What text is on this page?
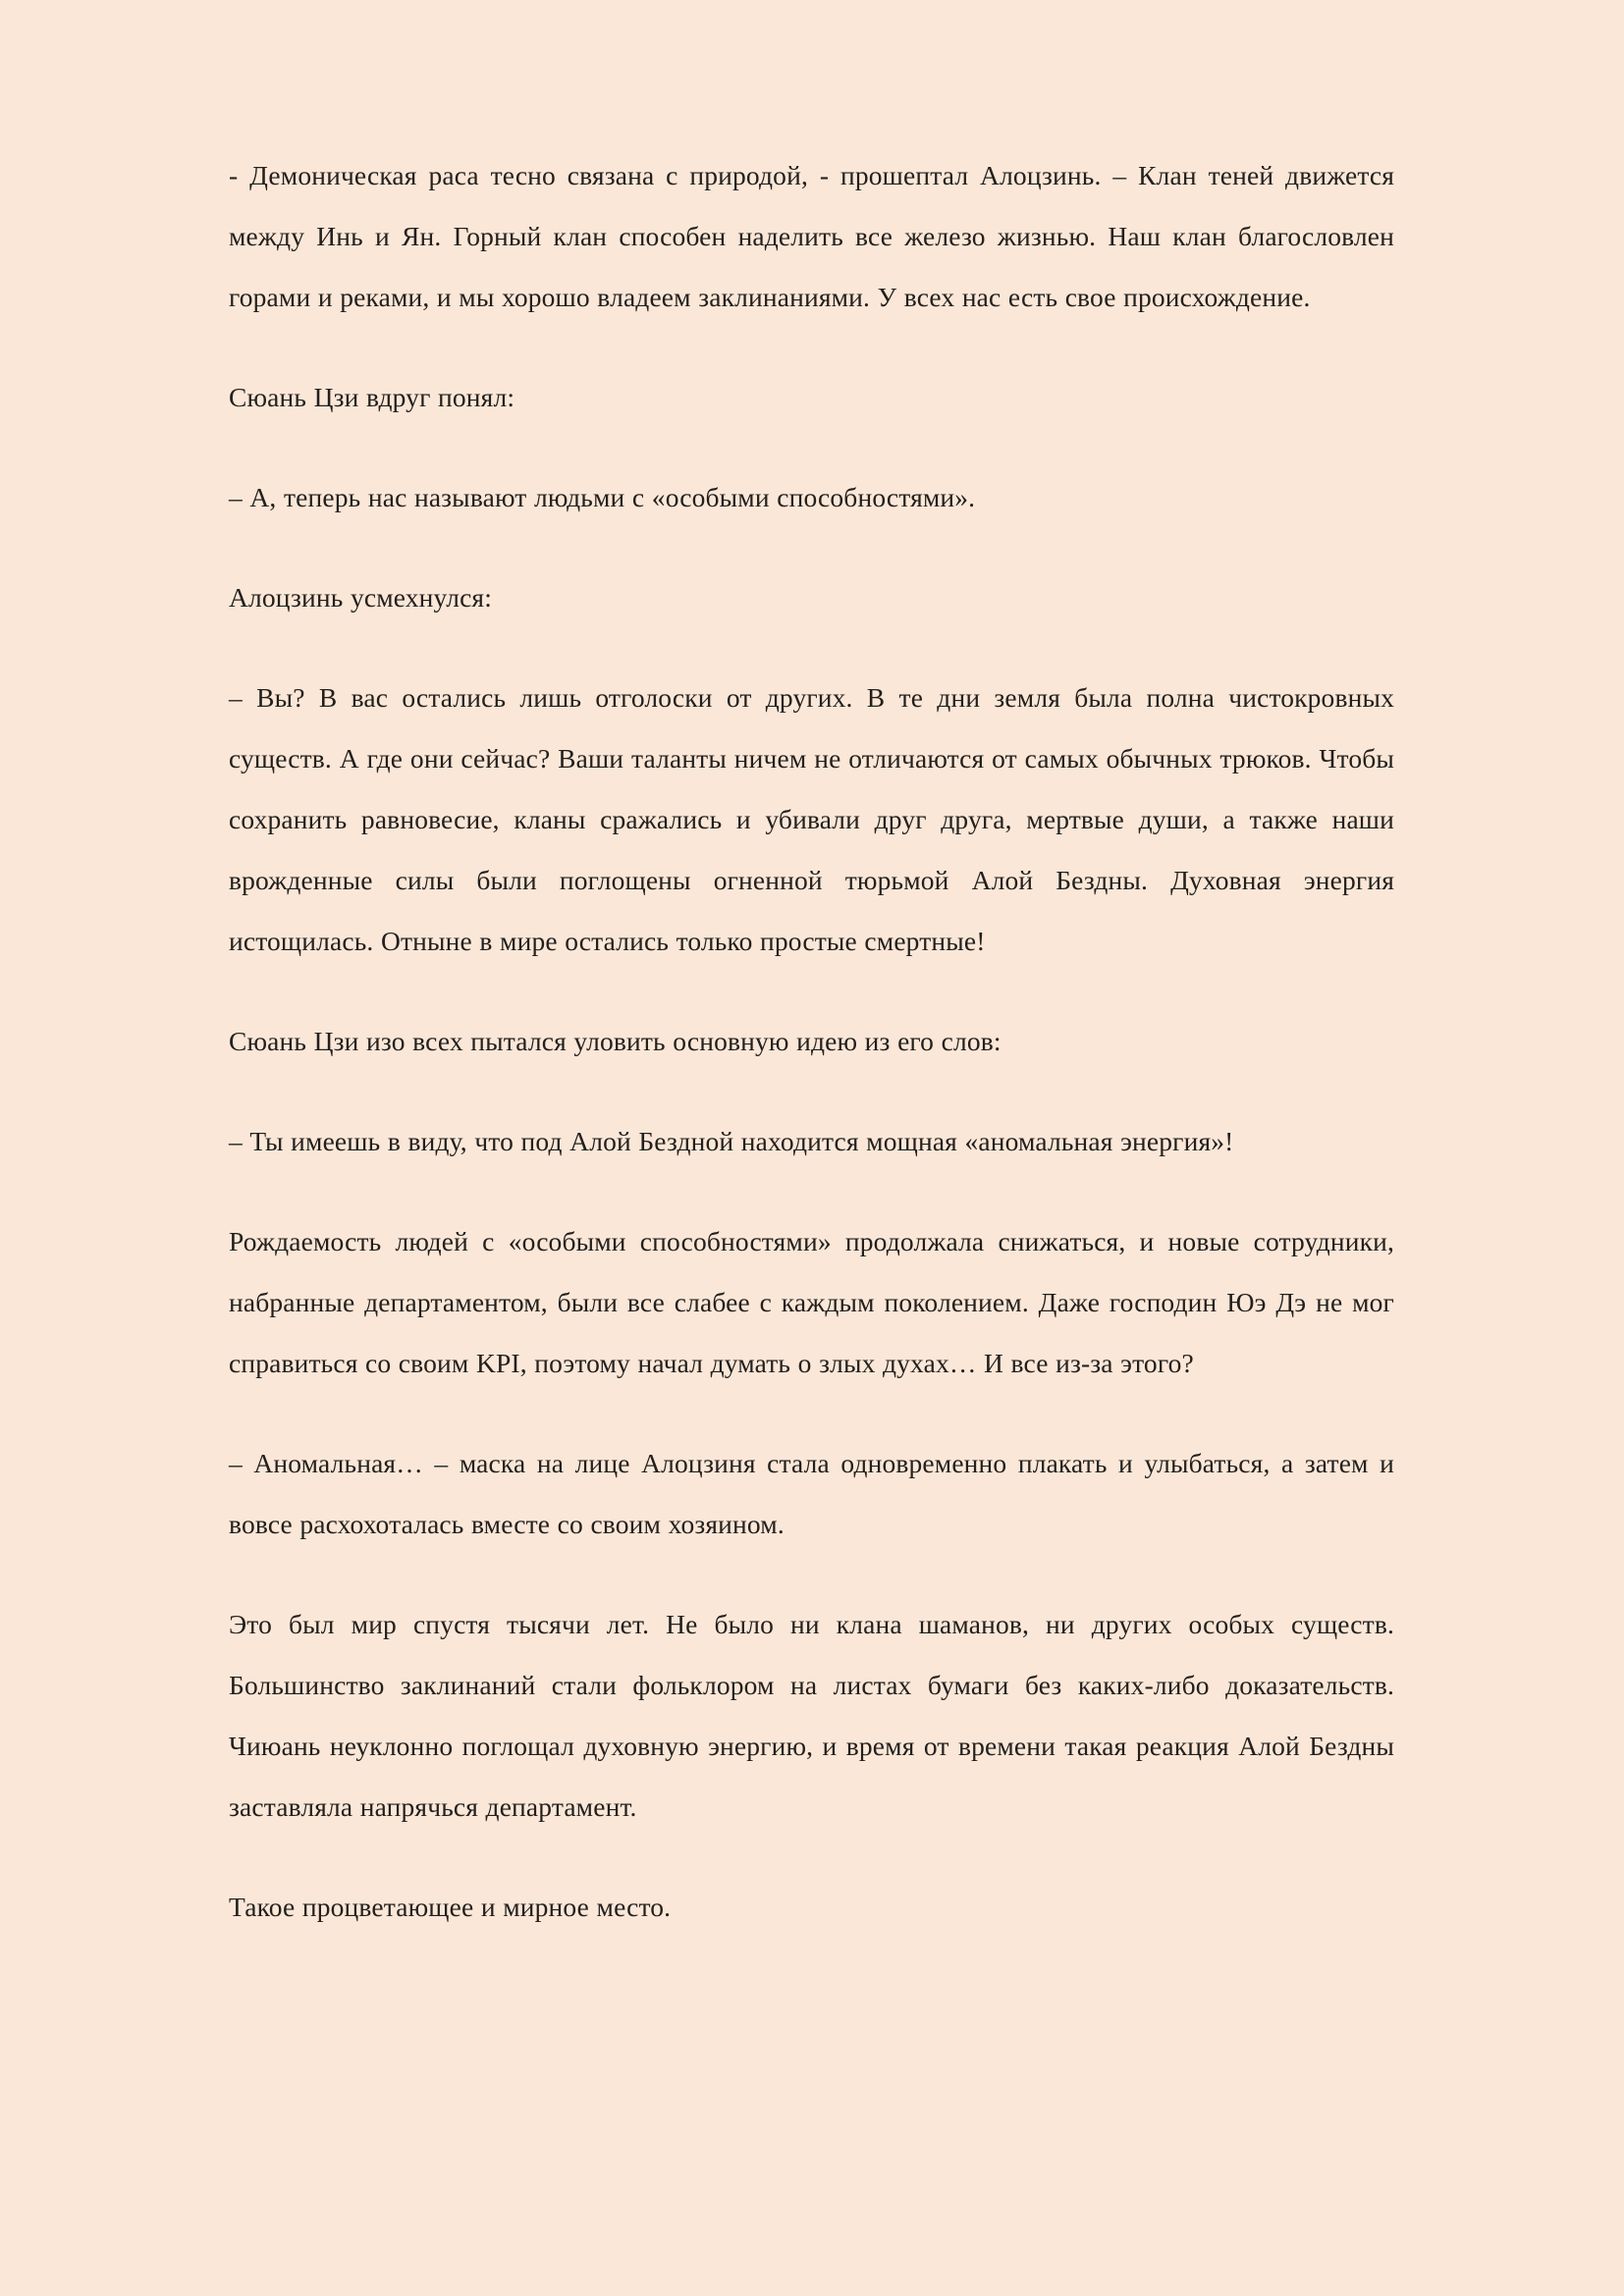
- Демоническая раса тесно связана с природой, - прошептал Алоцзинь. – Клан теней движется между Инь и Ян. Горный клан способен наделить все железо жизнью. Наш клан благословлен горами и реками, и мы хорошо владеем заклинаниями. У всех нас есть свое происхождение.

Сюань Цзи вдруг понял:

– А, теперь нас называют людьми с «особыми способностями».

Алоцзинь усмехнулся:

– Вы? В вас остались лишь отголоски от других. В те дни земля была полна чистокровных существ. А где они сейчас? Ваши таланты ничем не отличаются от самых обычных трюков. Чтобы сохранить равновесие, кланы сражались и убивали друг друга, мертвые души, а также наши врожденные силы были поглощены огненной тюрьмой Алой Бездны. Духовная энергия истощилась. Отныне в мире остались только простые смертные!

Сюань Цзи изо всех пытался уловить основную идею из его слов:

– Ты имеешь в виду, что под Алой Бездной находится мощная «аномальная энергия»!

Рождаемость людей с «особыми способностями» продолжала снижаться, и новые сотрудники, набранные департаментом, были все слабее с каждым поколением. Даже господин Юэ Дэ не мог справиться со своим KPI, поэтому начал думать о злых духах… И все из-за этого?

– Аномальная… – маска на лице Алоцзиня стала одновременно плакать и улыбаться, а затем и вовсе расхохоталась вместе со своим хозяином.

Это был мир спустя тысячи лет. Не было ни клана шаманов, ни других особых существ. Большинство заклинаний стали фольклором на листах бумаги без каких-либо доказательств. Чиюань неуклонно поглощал духовную энергию, и время от времени такая реакция Алой Бездны заставляла напрячься департамент.

Такое процветающее и мирное место.
